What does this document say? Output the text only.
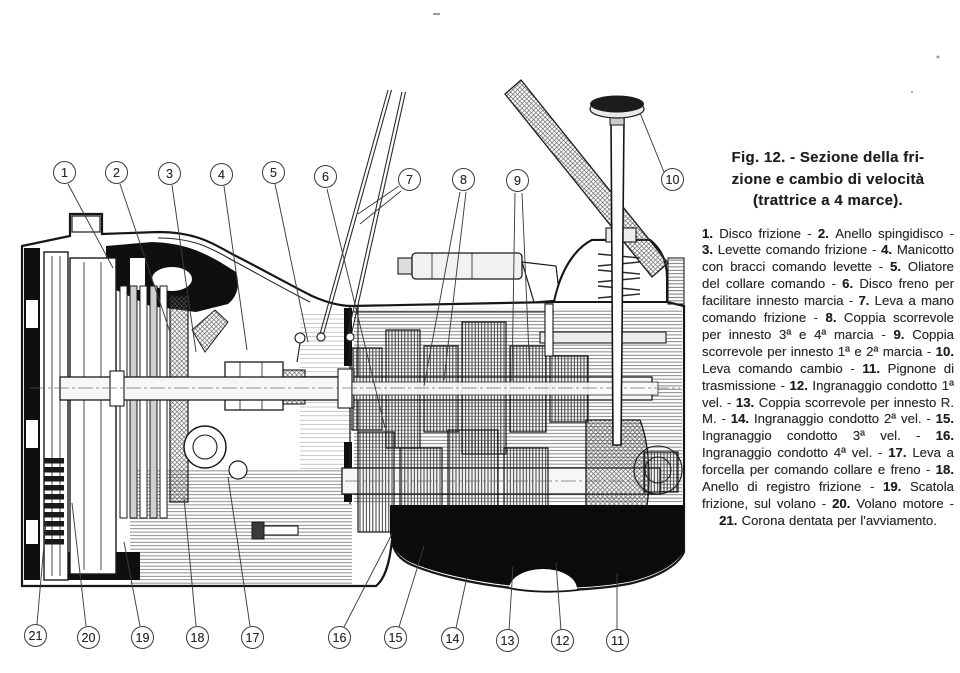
1	2	3	4	5	6	7	8	9	10
21	20	19	18	17	16	15	14	13	12	11
Fig. 12. - Sezione della fri-
zione e cambio di velocità
(trattrice a 4 marce).

1. Disco frizione - 2. Anello spingidisco - 3. Levette comando frizione - 4. Manicotto con bracci comando levette - 5. Oliatore del collare comando - 6. Disco freno per facilitare innesto marcia - 7. Leva a mano comando frizione - 8. Coppia scorrevole per innesto 3ª e 4ª marcia - 9. Coppia scorrevole per innesto 1ª e 2ª marcia - 10. Leva comando cambio - 11. Pignone di trasmissione - 12. Ingranaggio condotto 1ª vel. - 13. Coppia scorrevole per innesto R. M. - 14. Ingranaggio condotto 2ª vel. - 15. Ingranaggio condotto 3ª vel. - 16. Ingranaggio condotto 4ª vel. - 17. Leva a forcella per comando collare e freno - 18. Anello di registro frizione - 19. Scatola frizione, sul volano - 20. Volano motore - 21. Corona dentata per l'avviamento.
